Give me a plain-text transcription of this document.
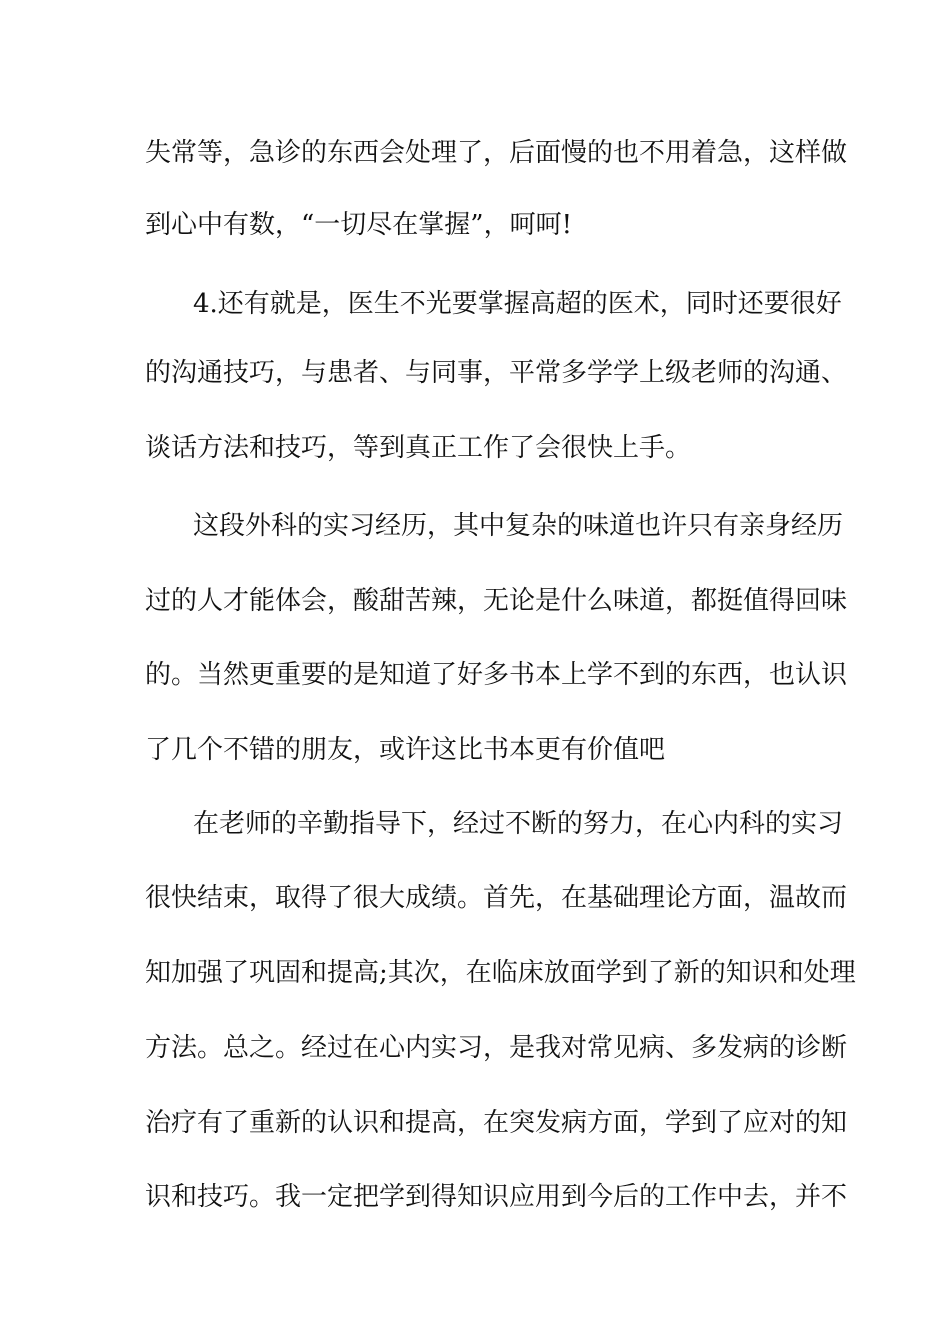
失常等，急诊的东西会处理了，后面慢的也不用着急，这样做
到心中有数，“一切尽在掌握”，呵呵!
4.还有就是，医生不光要掌握高超的医术，同时还要很好
的沟通技巧，与患者、与同事，平常多学学上级老师的沟通、
谈话方法和技巧，等到真正工作了会很快上手。
这段外科的实习经历，其中复杂的味道也许只有亲身经历
过的人才能体会，酸甜苦辣，无论是什么味道，都挺值得回味
的。当然更重要的是知道了好多书本上学不到的东西，也认识
了几个不错的朋友，或许这比书本更有价值吧
在老师的辛勤指导下，经过不断的努力，在心内科的实习
很快结束，取得了很大成绩。首先，在基础理论方面，温故而
知加强了巩固和提高;其次，在临床放面学到了新的知识和处理
方法。总之。经过在心内实习，是我对常见病、多发病的诊断
治疗有了重新的认识和提高，在突发病方面，学到了应对的知
识和技巧。我一定把学到得知识应用到今后的工作中去，并不
